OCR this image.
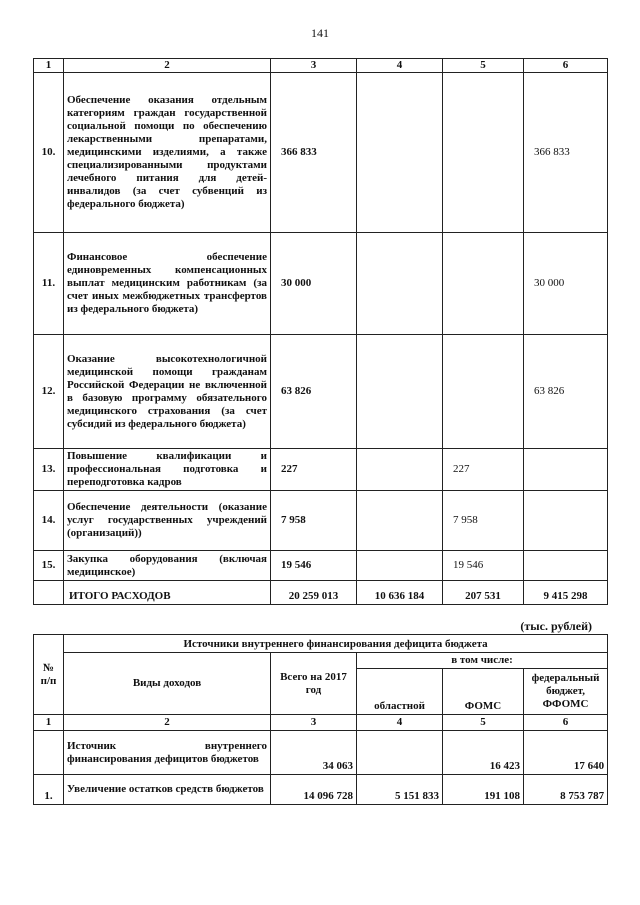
141
1	2	3	4	5	6
10.	Обеспечение оказания отдельным категориям граждан государственной социальной помощи по обеспечению лекарственными препаратами, медицинскими изделиями, а также специализированными продуктами лечебного питания для детей-инвалидов (за счет субвенций из федерального бюджета)	366 833			366 833
11.	Финансовое обеспечение единовременных компенсационных выплат медицинским работникам (за счет иных межбюджетных трансфертов из федерального бюджета)	30 000			30 000
12.	Оказание высокотехнологичной медицинской помощи гражданам Российской Федерации не включенной в базовую программу обязательного медицинского страхования (за счет субсидий из федерального бюджета)	63 826			63 826
13.	Повышение квалификации и профессиональная подготовка и переподготовка кадров	227		227	
14.	Обеспечение деятельности (оказание услуг государственных учреждений (организаций))	7 958		7 958	
15.	Закупка оборудования (включая медицинское)	19 546		19 546	
	ИТОГО РАСХОДОВ	20 259 013	10 636 184	207 531	9 415 298
(тыс. рублей)
№ п/п	Источники внутреннего финансирования дефицита бюджета				
	Виды доходов	Всего на 2017 год	в том числе:		
			областной	ФОМС	федеральный бюджет, ФФОМС
1	2	3	4	5	6
	Источник внутреннего финансирования дефицитов бюджетов	34 063		16 423	17 640
1.	Увеличение остатков средств бюджетов	14 096 728	5 151 833	191 108	8 753 787
